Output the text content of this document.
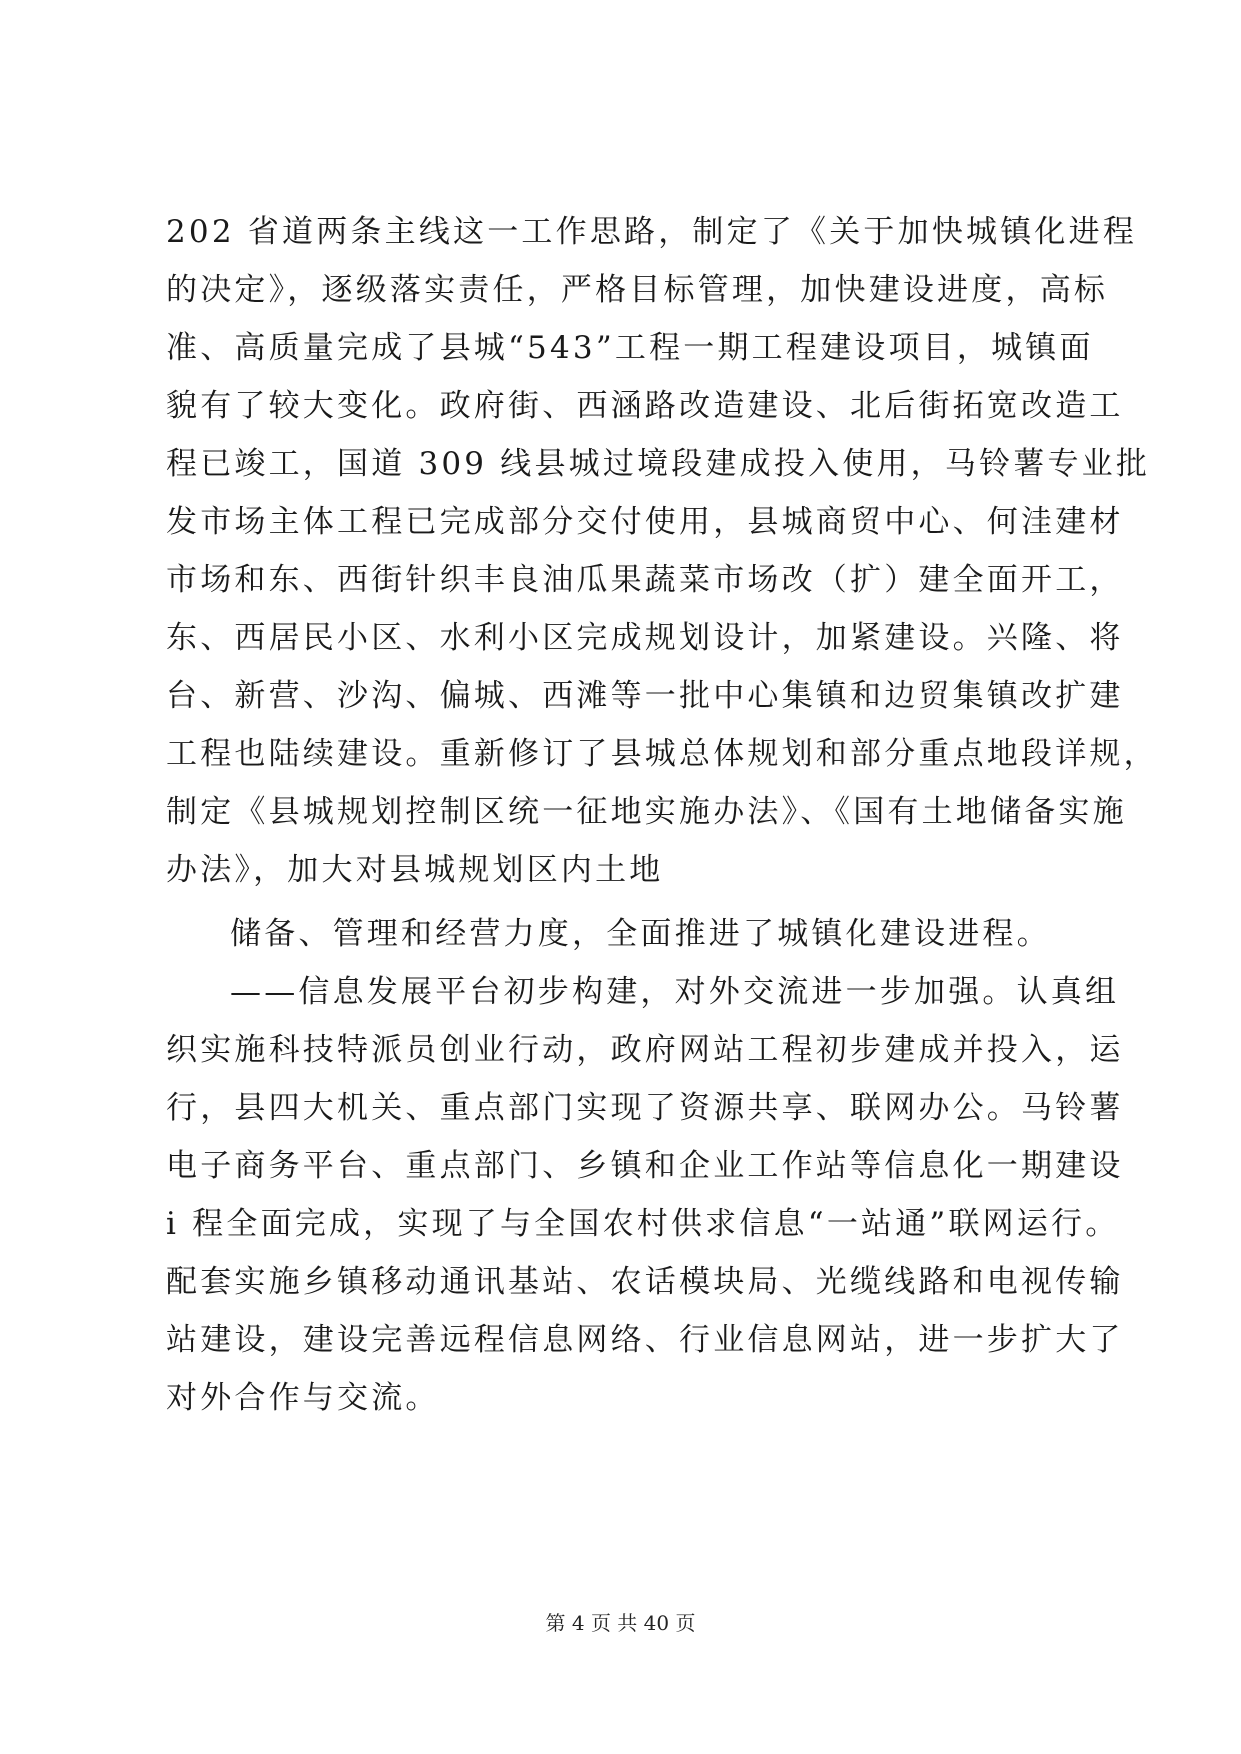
202 省道两条主线这一工作思路，制定了《关于加快城镇化进程
的决定》，逐级落实责任，严格目标管理，加快建设进度，高标
准、高质量完成了县城“543”工程一期工程建设项目，城镇面
貌有了较大变化。政府街、西涵路改造建设、北后街拓宽改造工
程已竣工，国道 309 线县城过境段建成投入使用，马铃薯专业批
发市场主体工程已完成部分交付使用，县城商贸中心、何洼建材
市场和东、西街针织丰良油瓜果蔬菜市场改（扩）建全面开工，
东、西居民小区、水利小区完成规划设计，加紧建设。兴隆、将
台、新营、沙沟、偏城、西滩等一批中心集镇和边贸集镇改扩建
工程也陆续建设。重新修订了县城总体规划和部分重点地段详规，
制定《县城规划控制区统一征地实施办法》、《国有土地储备实施
办法》，加大对县城规划区内土地
储备、管理和经营力度，全面推进了城镇化建设进程。
——信息发展平台初步构建，对外交流进一步加强。认真组
织实施科技特派员创业行动，政府网站工程初步建成并投入，运
行，县四大机关、重点部门实现了资源共享、联网办公。马铃薯
电子商务平台、重点部门、乡镇和企业工作站等信息化一期建设
i 程全面完成，实现了与全国农村供求信息“一站通”联网运行。
配套实施乡镇移动通讯基站、农话模块局、光缆线路和电视传输
站建设，建设完善远程信息网络、行业信息网站，进一步扩大了
对外合作与交流。
第 4 页 共 40 页
